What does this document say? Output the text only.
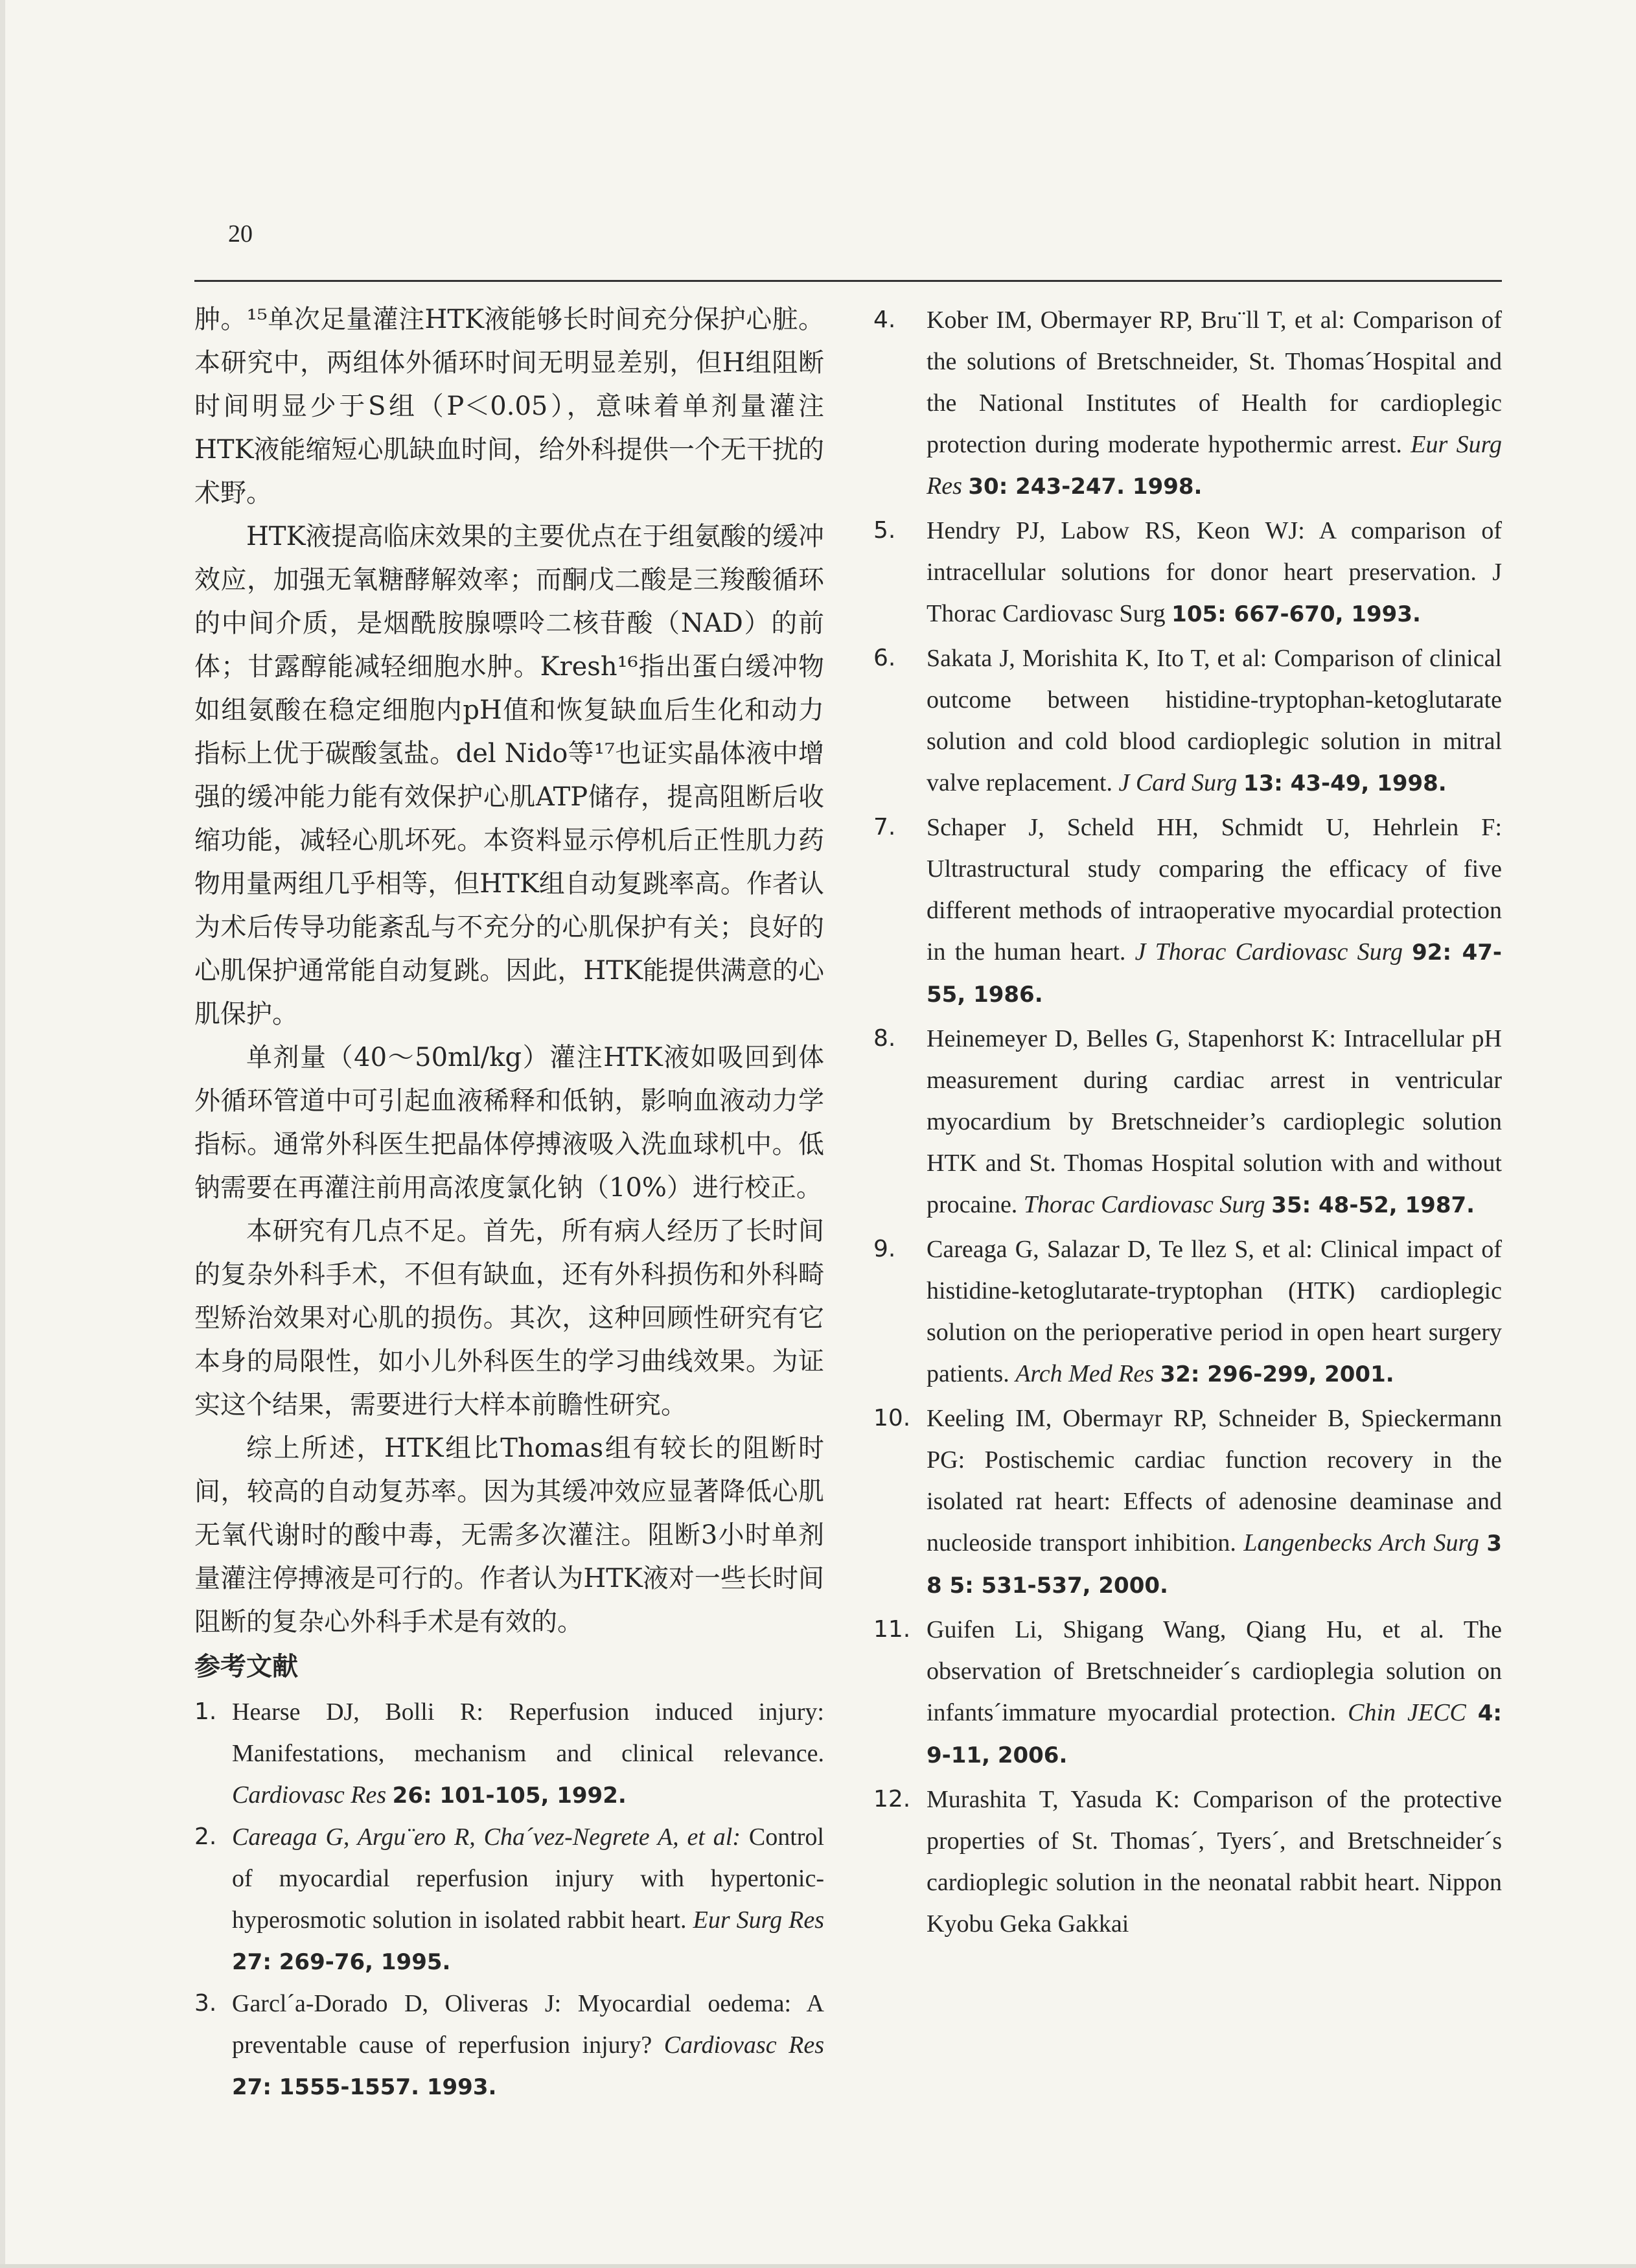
20

肿。¹⁵单次足量灌注HTK液能够长时间充分保护心脏。本研究中，两组体外循环时间无明显差别，但H组阻断时间明显少于S组（P＜0.05），意味着单剂量灌注HTK液能缩短心肌缺血时间，给外科提供一个无干扰的术野。

HTK液提高临床效果的主要优点在于组氨酸的缓冲效应，加强无氧糖酵解效率；而酮戊二酸是三羧酸循环的中间介质，是烟酰胺腺嘌呤二核苷酸（NAD）的前体；甘露醇能减轻细胞水肿。Kresh¹⁶指出蛋白缓冲物如组氨酸在稳定细胞内pH值和恢复缺血后生化和动力指标上优于碳酸氢盐。del Nido等¹⁷也证实晶体液中增强的缓冲能力能有效保护心肌ATP储存，提高阻断后收缩功能，减轻心肌坏死。本资料显示停机后正性肌力药物用量两组几乎相等，但HTK组自动复跳率高。作者认为术后传导功能紊乱与不充分的心肌保护有关；良好的心肌保护通常能自动复跳。因此，HTK能提供满意的心肌保护。

单剂量（40～50ml/kg）灌注HTK液如吸回到体外循环管道中可引起血液稀释和低钠，影响血液动力学指标。通常外科医生把晶体停搏液吸入洗血球机中。低钠需要在再灌注前用高浓度氯化钠（10%）进行校正。

本研究有几点不足。首先，所有病人经历了长时间的复杂外科手术，不但有缺血，还有外科损伤和外科畸型矫治效果对心肌的损伤。其次，这种回顾性研究有它本身的局限性，如小儿外科医生的学习曲线效果。为证实这个结果，需要进行大样本前瞻性研究。

综上所述，HTK组比Thomas组有较长的阻断时间，较高的自动复苏率。因为其缓冲效应显著降低心肌无氧代谢时的酸中毒，无需多次灌注。阻断3小时单剂量灌注停搏液是可行的。作者认为HTK液对一些长时间阻断的复杂心外科手术是有效的。

参考文献
1. Hearse DJ, Bolli R: Reperfusion induced injury: Manifestations, mechanism and clinical relevance. Cardiovasc Res 26: 101-105, 1992.
2. Careaga G, Argu¨ero R, Cha´vez-Negrete A, et al: Control of myocardial reperfusion injury with hypertonic-hyperosmotic solution in isolated rabbit heart. Eur Surg Res 27: 269-76, 1995.
3. Garcl´a-Dorado D, Oliveras J: Myocardial oedema: A preventable cause of reperfusion injury? Cardiovasc Res 27: 1555-1557. 1993.
4. Kober IM, Obermayer RP, Bru¨ll T, et al: Comparison of the solutions of Bretschneider, St. Thomas´Hospital and the National Institutes of Health for cardioplegic protection during moderate hypothermic arrest. Eur Surg Res 30: 243-247. 1998.
5. Hendry PJ, Labow RS, Keon WJ: A comparison of intracellular solutions for donor heart preservation. J Thorac Cardiovasc Surg 105: 667-670, 1993.
6. Sakata J, Morishita K, Ito T, et al: Comparison of clinical outcome between histidine-tryptophan-ketoglutarate solution and cold blood cardioplegic solution in mitral valve replacement. J Card Surg 13: 43-49, 1998.
7. Schaper J, Scheld HH, Schmidt U, Hehrlein F: Ultrastructural study comparing the efficacy of five different methods of intraoperative myocardial protection in the human heart. J Thorac Cardiovasc Surg 92: 47-55, 1986.
8. Heinemeyer D, Belles G, Stapenhorst K: Intracellular pH measurement during cardiac arrest in ventricular myocardium by Bretschneider’s cardioplegic solution HTK and St. Thomas Hospital solution with and without procaine. Thorac Cardiovasc Surg 35: 48-52, 1987.
9. Careaga G, Salazar D, Te llez S, et al: Clinical impact of histidine-ketoglutarate-tryptophan (HTK) cardioplegic solution on the perioperative period in open heart surgery patients. Arch Med Res 32: 296-299, 2001.
10. Keeling IM, Obermayr RP, Schneider B, Spieckermann PG: Postischemic cardiac function recovery in the isolated rat heart: Effects of adenosine deaminase and nucleoside transport inhibition. Langenbecks Arch Surg 3 8 5: 531-537, 2000.
11. Guifen Li, Shigang Wang, Qiang Hu, et al. The observation of Bretschneider´s cardioplegia solution on infants´immature myocardial protection. Chin JECC 4: 9-11, 2006.
12. Murashita T, Yasuda K: Comparison of the protective properties of St. Thomas´, Tyers´, and Bretschneider´s cardioplegic solution in the neonatal rabbit heart. Nippon Kyobu Geka Gakkai
